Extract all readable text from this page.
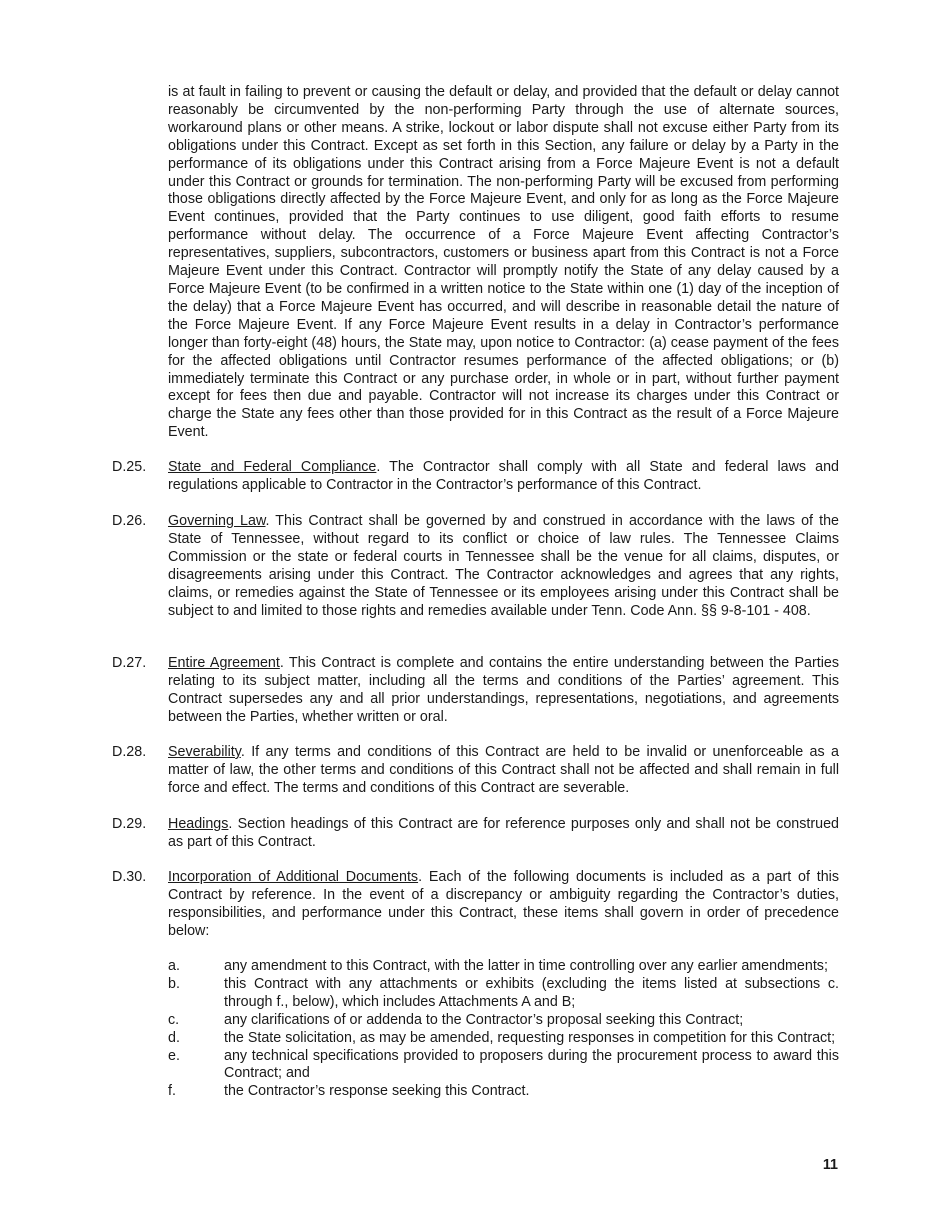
is at fault in failing to prevent or causing the default or delay, and provided that the default or delay cannot reasonably be circumvented by the non-performing Party through the use of alternate sources, workaround plans or other means. A strike, lockout or labor dispute shall not excuse either Party from its obligations under this Contract. Except as set forth in this Section, any failure or delay by a Party in the performance of its obligations under this Contract arising from a Force Majeure Event is not a default under this Contract or grounds for termination. The non-performing Party will be excused from performing those obligations directly affected by the Force Majeure Event, and only for as long as the Force Majeure Event continues, provided that the Party continues to use diligent, good faith efforts to resume performance without delay. The occurrence of a Force Majeure Event affecting Contractor’s representatives, suppliers, subcontractors, customers or business apart from this Contract is not a Force Majeure Event under this Contract. Contractor will promptly notify the State of any delay caused by a Force Majeure Event (to be confirmed in a written notice to the State within one (1) day of the inception of the delay) that a Force Majeure Event has occurred, and will describe in reasonable detail the nature of the Force Majeure Event. If any Force Majeure Event results in a delay in Contractor’s performance longer than forty-eight (48) hours, the State may, upon notice to Contractor: (a) cease payment of the fees for the affected obligations until Contractor resumes performance of the affected obligations; or (b) immediately terminate this Contract or any purchase order, in whole or in part, without further payment except for fees then due and payable. Contractor will not increase its charges under this Contract or charge the State any fees other than those provided for in this Contract as the result of a Force Majeure Event.

D.25.	State and Federal Compliance. The Contractor shall comply with all State and federal laws and regulations applicable to Contractor in the Contractor’s performance of this Contract.
D.26.	Governing Law. This Contract shall be governed by and construed in accordance with the laws of the State of Tennessee, without regard to its conflict or choice of law rules. The Tennessee Claims Commission or the state or federal courts in Tennessee shall be the venue for all claims, disputes, or disagreements arising under this Contract. The Contractor acknowledges and agrees that any rights, claims, or remedies against the State of Tennessee or its employees arising under this Contract shall be subject to and limited to those rights and remedies available under Tenn. Code Ann. §§ 9-8-101 - 408.
D.27.	Entire Agreement. This Contract is complete and contains the entire understanding between the Parties relating to its subject matter, including all the terms and conditions of the Parties’ agreement. This Contract supersedes any and all prior understandings, representations, negotiations, and agreements between the Parties, whether written or oral.
D.28.	Severability. If any terms and conditions of this Contract are held to be invalid or unenforceable as a matter of law, the other terms and conditions of this Contract shall not be affected and shall remain in full force and effect. The terms and conditions of this Contract are severable.
D.29.	Headings. Section headings of this Contract are for reference purposes only and shall not be construed as part of this Contract.
D.30.	Incorporation of Additional Documents. Each of the following documents is included as a part of this Contract by reference. In the event of a discrepancy or ambiguity regarding the Contractor’s duties, responsibilities, and performance under this Contract, these items shall govern in order of precedence below:
a.	any amendment to this Contract, with the latter in time controlling over any earlier amendments;
b.	this Contract with any attachments or exhibits (excluding the items listed at subsections c. through f., below), which includes Attachments A and B;
c.	any clarifications of or addenda to the Contractor’s proposal seeking this Contract;
d.	the State solicitation, as may be amended, requesting responses in competition for this Contract;
e.	any technical specifications provided to proposers during the procurement process to award this Contract; and
f.	the Contractor’s response seeking this Contract.
11
